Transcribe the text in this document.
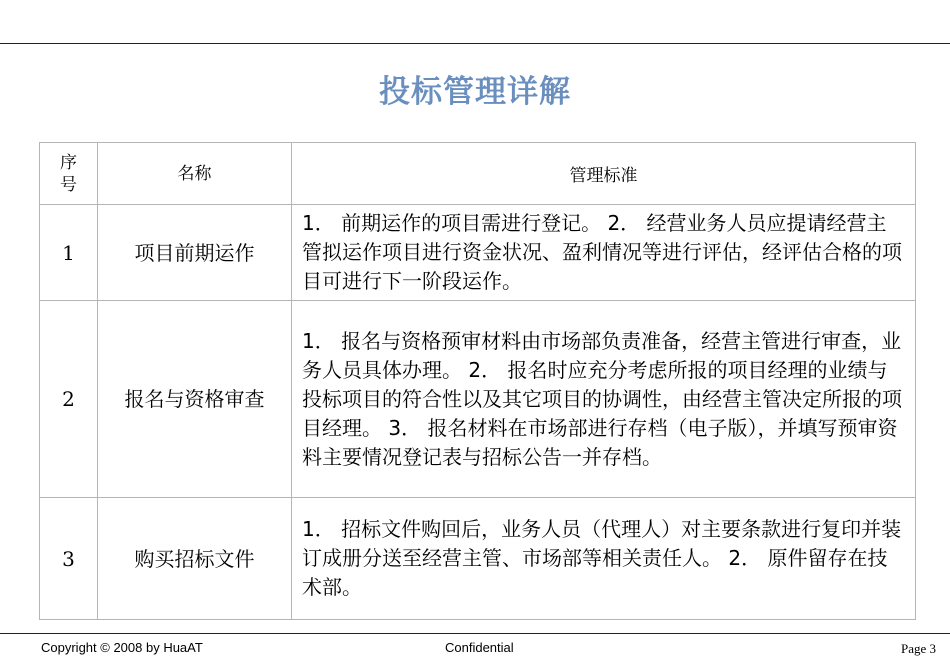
投标管理详解
序
号	名称	管理标准
1	项目前期运作	1． 前期运作的项目需进行登记。 2． 经营业务人员应提请经营主管拟运作项目进行资金状况、盈利情况等进行评估，经评估合格的项目可进行下一阶段运作。
2	报名与资格审查	1． 报名与资格预审材料由市场部负责准备，经营主管进行审查，业务人员具体办理。 2． 报名时应充分考虑所报的项目经理的业绩与投标项目的符合性以及其它项目的协调性，由经营主管决定所报的项目经理。 3． 报名材料在市场部进行存档（电子版），并填写预审资料主要情况登记表与招标公告一并存档。
3	购买招标文件	1． 招标文件购回后，业务人员（代理人）对主要条款进行复印并装订成册分送至经营主管、市场部等相关责任人。 2． 原件留存在技术部。
Copyright © 2008 by HuaAT	Confidential	Page 3
